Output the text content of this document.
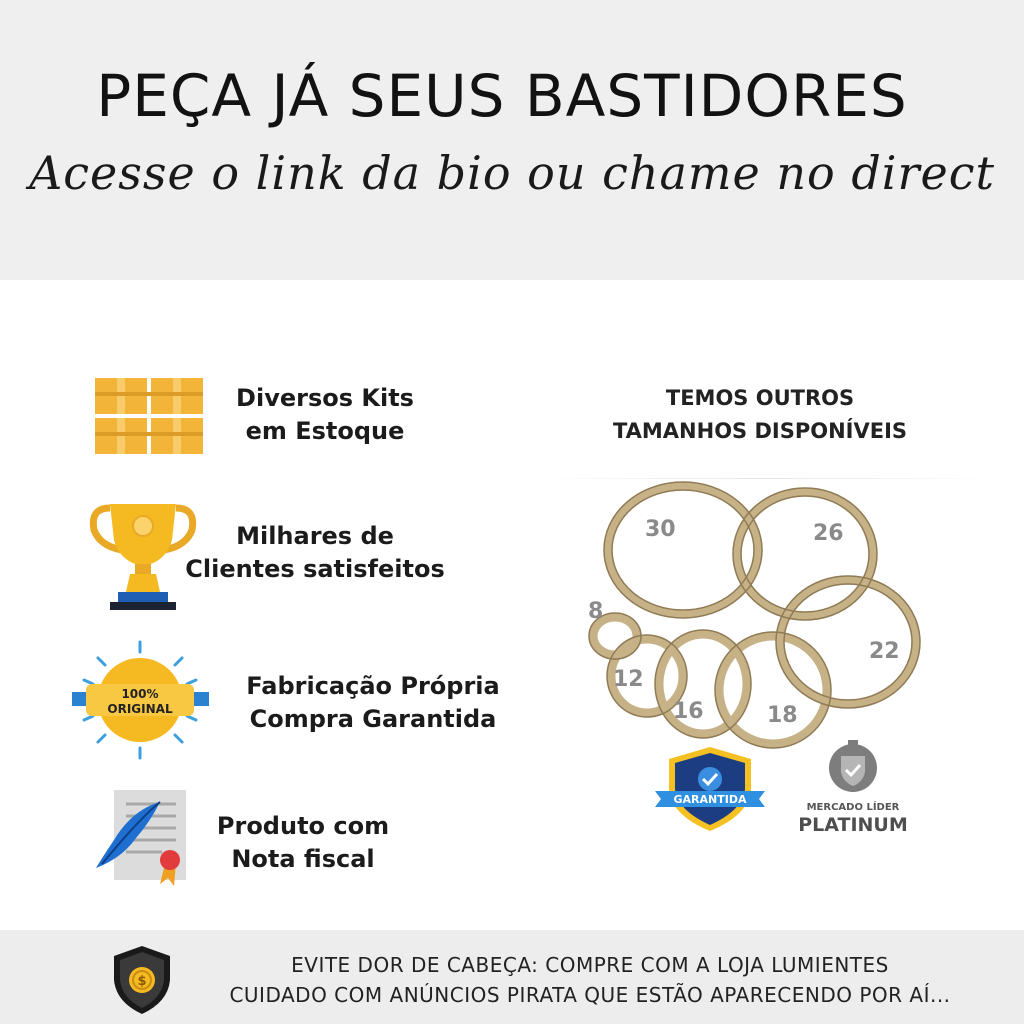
PEÇA JÁ SEUS BASTIDORES
Acesse o link da bio ou chame no direct
Diversos Kits
em Estoque
Milhares de
Clientes satisfeitos
100%
ORIGINAL
Fabricação Própria
Compra Garantida
Produto com
Nota fiscal
TEMOS OUTROS
TAMANHOS DISPONÍVEIS
30	26
8
22
12
16	18
GARANTIDA
MERCADO LÍDER
PLATINUM
$
EVITE DOR DE CABEÇA: COMPRE COM A LOJA LUMIENTES
CUIDADO COM ANÚNCIOS PIRATA QUE ESTÃO APARECENDO POR AÍ...
